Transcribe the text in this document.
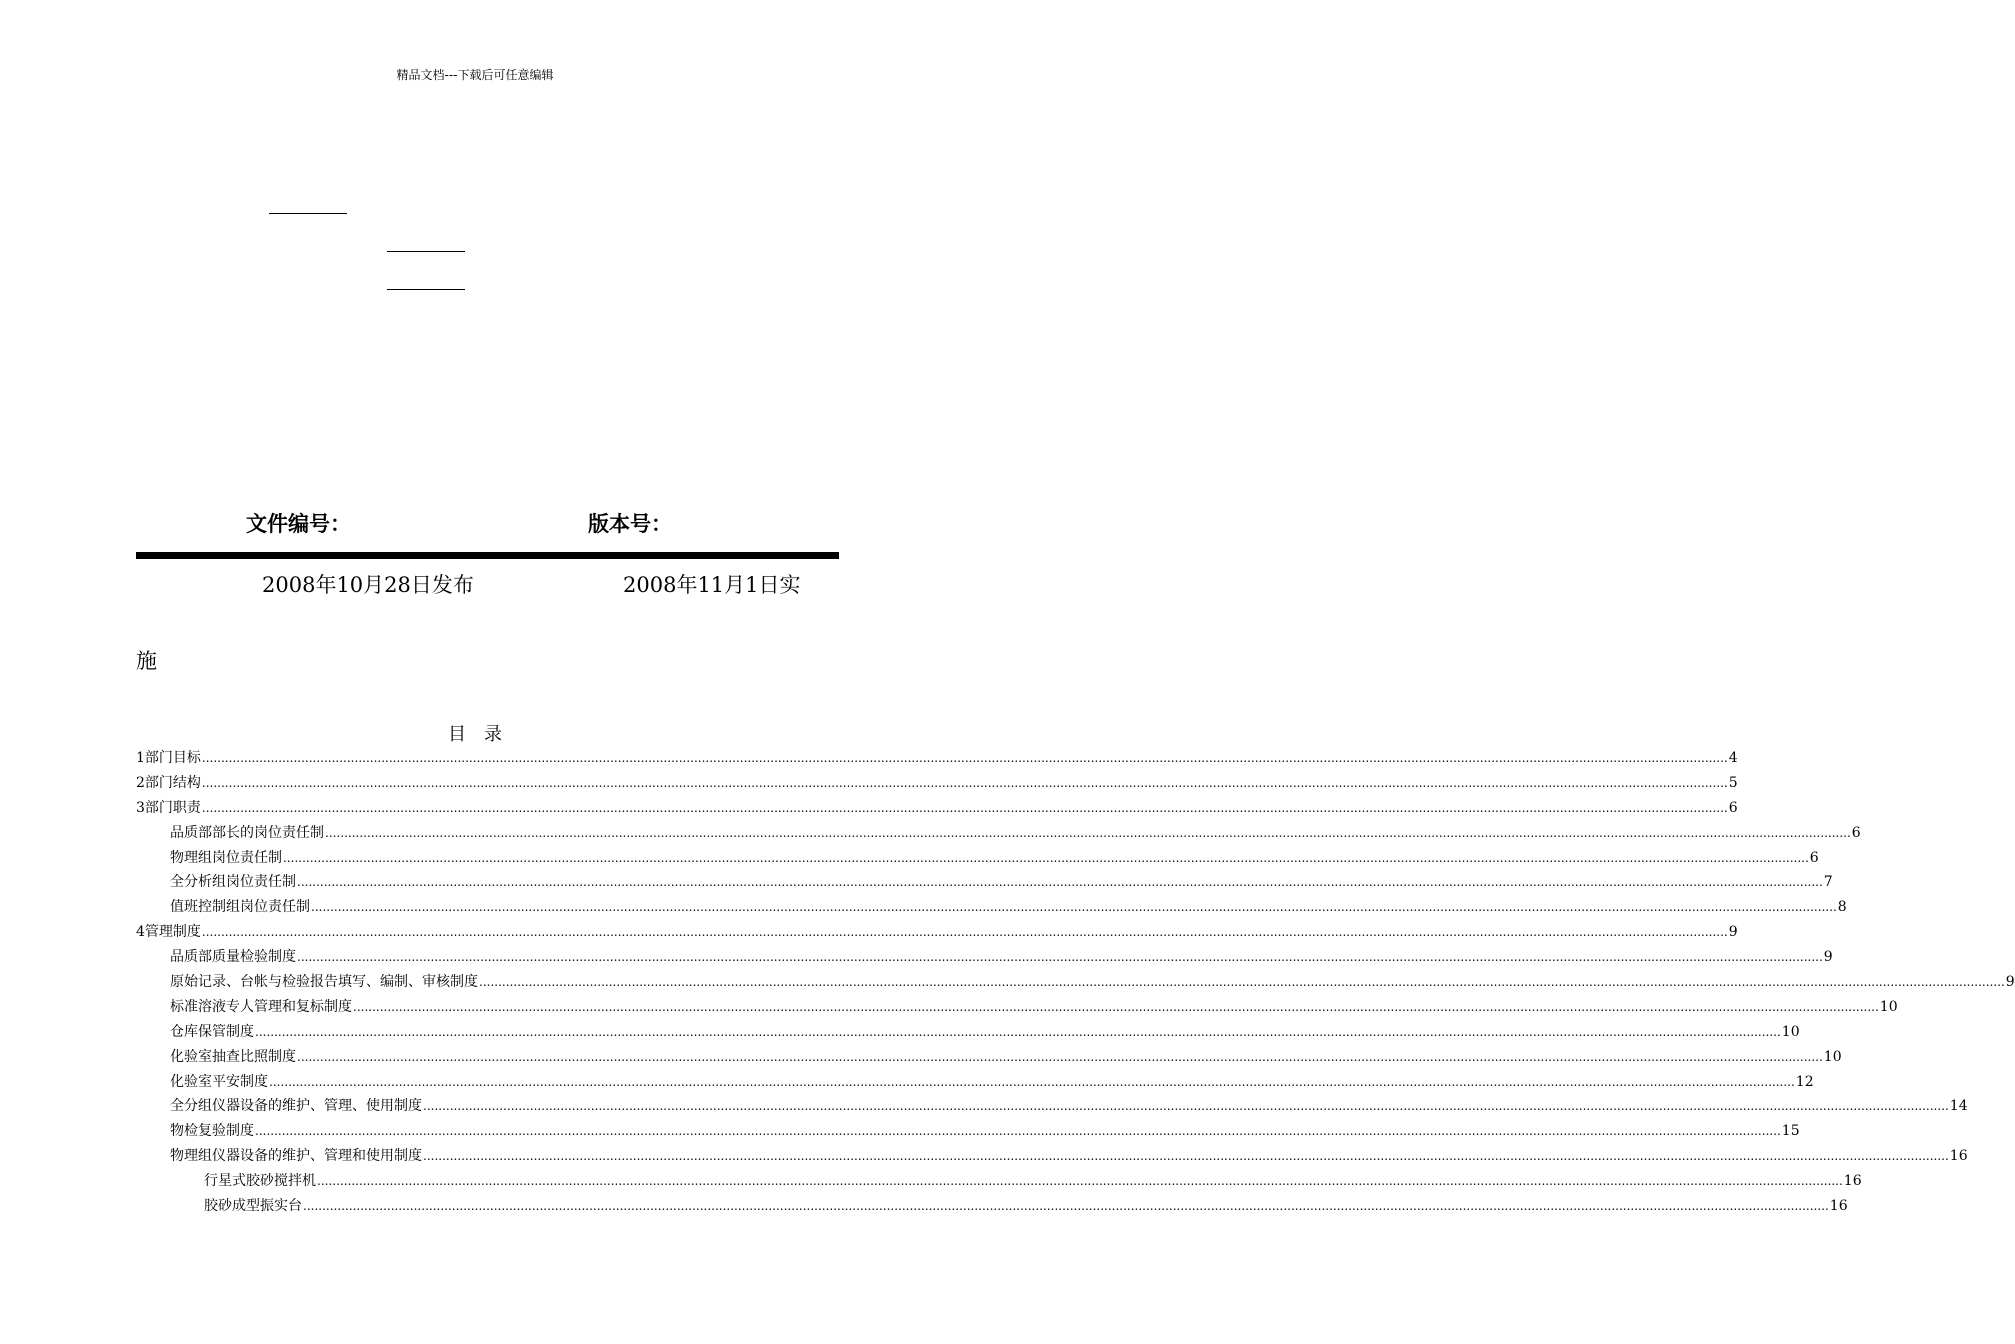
精品文档---下载后可任意编辑
文件编号：	版本号：
2008年10月28日发布	2008年11月1日实
施
目录
1部门目标 ................................................................................................................................................................................................................................................................................................................................................................................................................ 4
2部门结构 ................................................................................................................................................................................................................................................................................................................................................................................................................ 5
3部门职责 ................................................................................................................................................................................................................................................................................................................................................................................................................ 6
品质部部长的岗位责任制 ................................................................................................................................................................................................................................................................................................................................................................................................................ 6
物理组岗位责任制 ................................................................................................................................................................................................................................................................................................................................................................................................................ 6
全分析组岗位责任制 ................................................................................................................................................................................................................................................................................................................................................................................................................ 7
值班控制组岗位责任制 ................................................................................................................................................................................................................................................................................................................................................................................................................ 8
4管理制度 ................................................................................................................................................................................................................................................................................................................................................................................................................ 9
品质部质量检验制度 ................................................................................................................................................................................................................................................................................................................................................................................................................ 9
原始记录、台帐与检验报告填写、编制、审核制度 ................................................................................................................................................................................................................................................................................................................................................................................................................ 9
标准溶液专人管理和复标制度 ................................................................................................................................................................................................................................................................................................................................................................................................................ 10
仓库保管制度 ................................................................................................................................................................................................................................................................................................................................................................................................................ 10
化验室抽查比照制度 ................................................................................................................................................................................................................................................................................................................................................................................................................ 10
化验室平安制度 ................................................................................................................................................................................................................................................................................................................................................................................................................ 12
全分组仪器设备的维护、管理、使用制度 ................................................................................................................................................................................................................................................................................................................................................................................................................ 14
物检复验制度 ................................................................................................................................................................................................................................................................................................................................................................................................................ 15
物理组仪器设备的维护、管理和使用制度 ................................................................................................................................................................................................................................................................................................................................................................................................................ 16
行星式胶砂搅拌机 ................................................................................................................................................................................................................................................................................................................................................................................................................ 16
胶砂成型振实台 ................................................................................................................................................................................................................................................................................................................................................................................................................ 16
